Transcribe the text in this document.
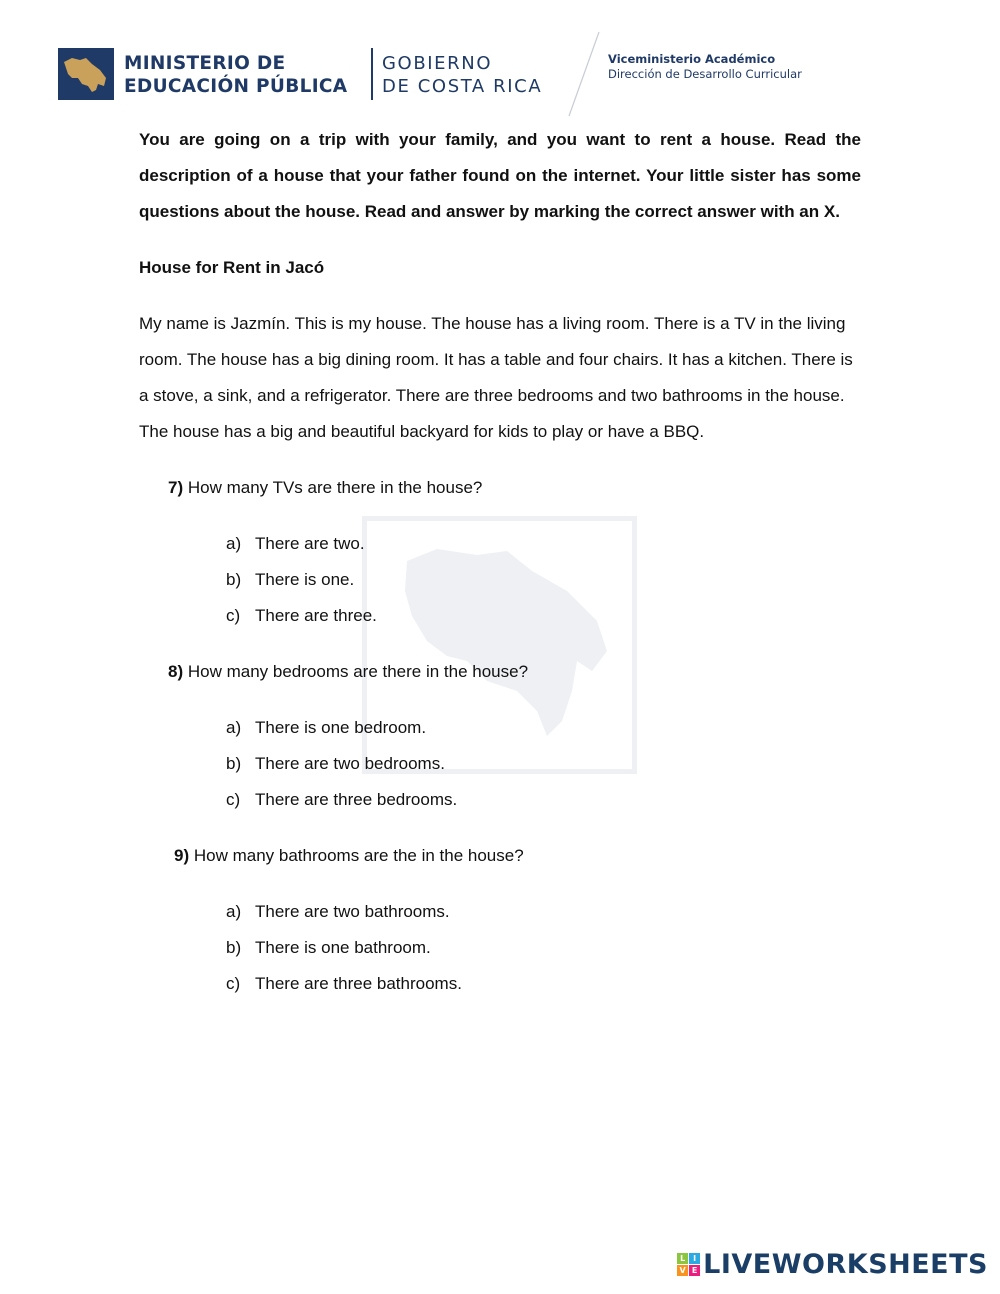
MINISTERIO DE
EDUCACIÓN PÚBLICA
GOBIERNO
DE COSTA RICA
Viceministerio Académico
Dirección de Desarrollo Curricular

You are going on a trip with your family, and you want to rent a house. Read the description of a house that your father found on the internet. Your little sister has some questions about the house. Read and answer by marking the correct answer with an X.

House for Rent in Jacó

My name is Jazmín. This is my house. The house has a living room. There is a TV in the living room. The house has a big dining room. It has a table and four chairs. It has a kitchen. There is a stove, a sink, and a refrigerator. There are three bedrooms and two bathrooms in the house. The house has a big and beautiful backyard for kids to play or have a BBQ.

7) How many TVs are there in the house?
a) There are two.
b) There is one.
c) There are three.
8) How many bedrooms are there in the house?
a) There is one bedroom.
b) There are two bedrooms.
c) There are three bedrooms.
9) How many bathrooms are the in the house?
a) There are two bathrooms.
b) There is one bathroom.
c) There are three bathrooms.
L I
V E LIVEWORKSHEETS
